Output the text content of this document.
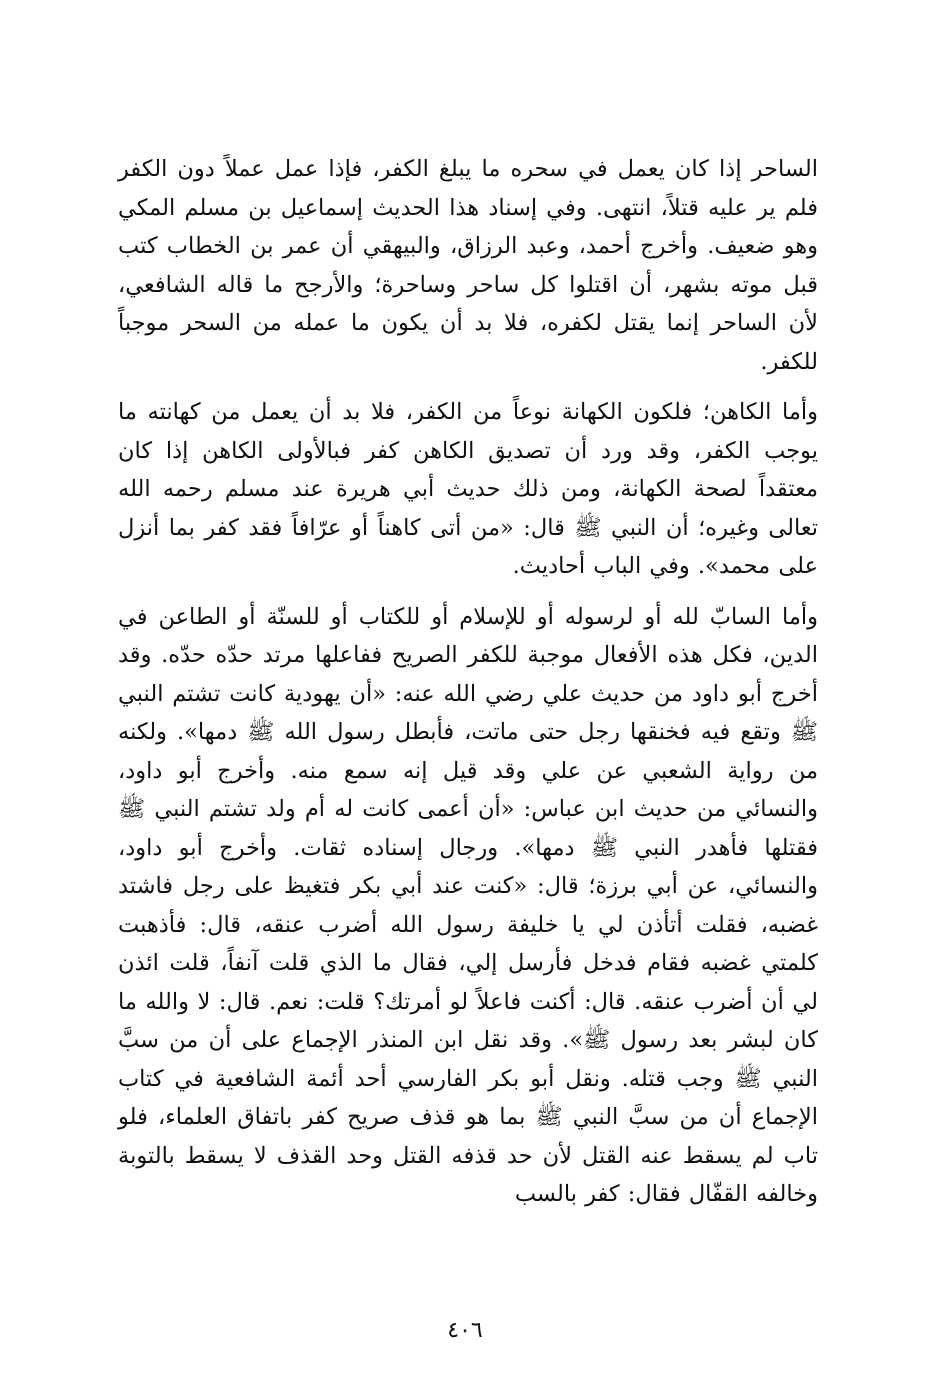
الساحر إذا كان يعمل في سحره ما يبلغ الكفر، فإذا عمل عملاً دون الكفر فلم ير عليه قتلاً، انتهى. وفي إسناد هذا الحديث إسماعيل بن مسلم المكي وهو ضعيف. وأخرج أحمد، وعبد الرزاق، والبيهقي أن عمر بن الخطاب كتب قبل موته بشهر، أن اقتلوا كل ساحر وساحرة؛ والأرجح ما قاله الشافعي، لأن الساحر إنما يقتل لكفره، فلا بد أن يكون ما عمله من السحر موجباً للكفر.

وأما الكاهن؛ فلكون الكهانة نوعاً من الكفر، فلا بد أن يعمل من كهانته ما يوجب الكفر، وقد ورد أن تصديق الكاهن كفر فبالأولى الكاهن إذا كان معتقداً لصحة الكهانة، ومن ذلك حديث أبي هريرة عند مسلم رحمه الله تعالى وغيره؛ أن النبي ﷺ قال: «من أتى كاهناً أو عرّافاً فقد كفر بما أنزل على محمد». وفي الباب أحاديث.

وأما السابّ لله أو لرسوله أو للإسلام أو للكتاب أو للسنّة أو الطاعن في الدين، فكل هذه الأفعال موجبة للكفر الصريح ففاعلها مرتد حدّه حدّه. وقد أخرج أبو داود من حديث علي رضي الله عنه: «أن يهودية كانت تشتم النبي ﷺ وتقع فيه فخنقها رجل حتى ماتت، فأبطل رسول الله ﷺ دمها». ولكنه من رواية الشعبي عن علي وقد قيل إنه سمع منه. وأخرج أبو داود، والنسائي من حديث ابن عباس: «أن أعمى كانت له أم ولد تشتم النبي ﷺ فقتلها فأهدر النبي ﷺ دمها». ورجال إسناده ثقات. وأخرج أبو داود، والنسائي، عن أبي برزة؛ قال: «كنت عند أبي بكر فتغيظ على رجل فاشتد غضبه، فقلت أتأذن لي يا خليفة رسول الله أضرب عنقه، قال: فأذهبت كلمتي غضبه فقام فدخل فأرسل إلي، فقال ما الذي قلت آنفاً، قلت ائذن لي أن أضرب عنقه. قال: أكنت فاعلاً لو أمرتك؟ قلت: نعم. قال: لا والله ما كان لبشر بعد رسول ﷺ». وقد نقل ابن المنذر الإجماع على أن من سبَّ النبي ﷺ وجب قتله. ونقل أبو بكر الفارسي أحد أئمة الشافعية في كتاب الإجماع أن من سبَّ النبي ﷺ بما هو قذف صريح كفر باتفاق العلماء، فلو تاب لم يسقط عنه القتل لأن حد قذفه القتل وحد القذف لا يسقط بالتوبة وخالفه القفّال فقال: كفر بالسب

٤٠٦
